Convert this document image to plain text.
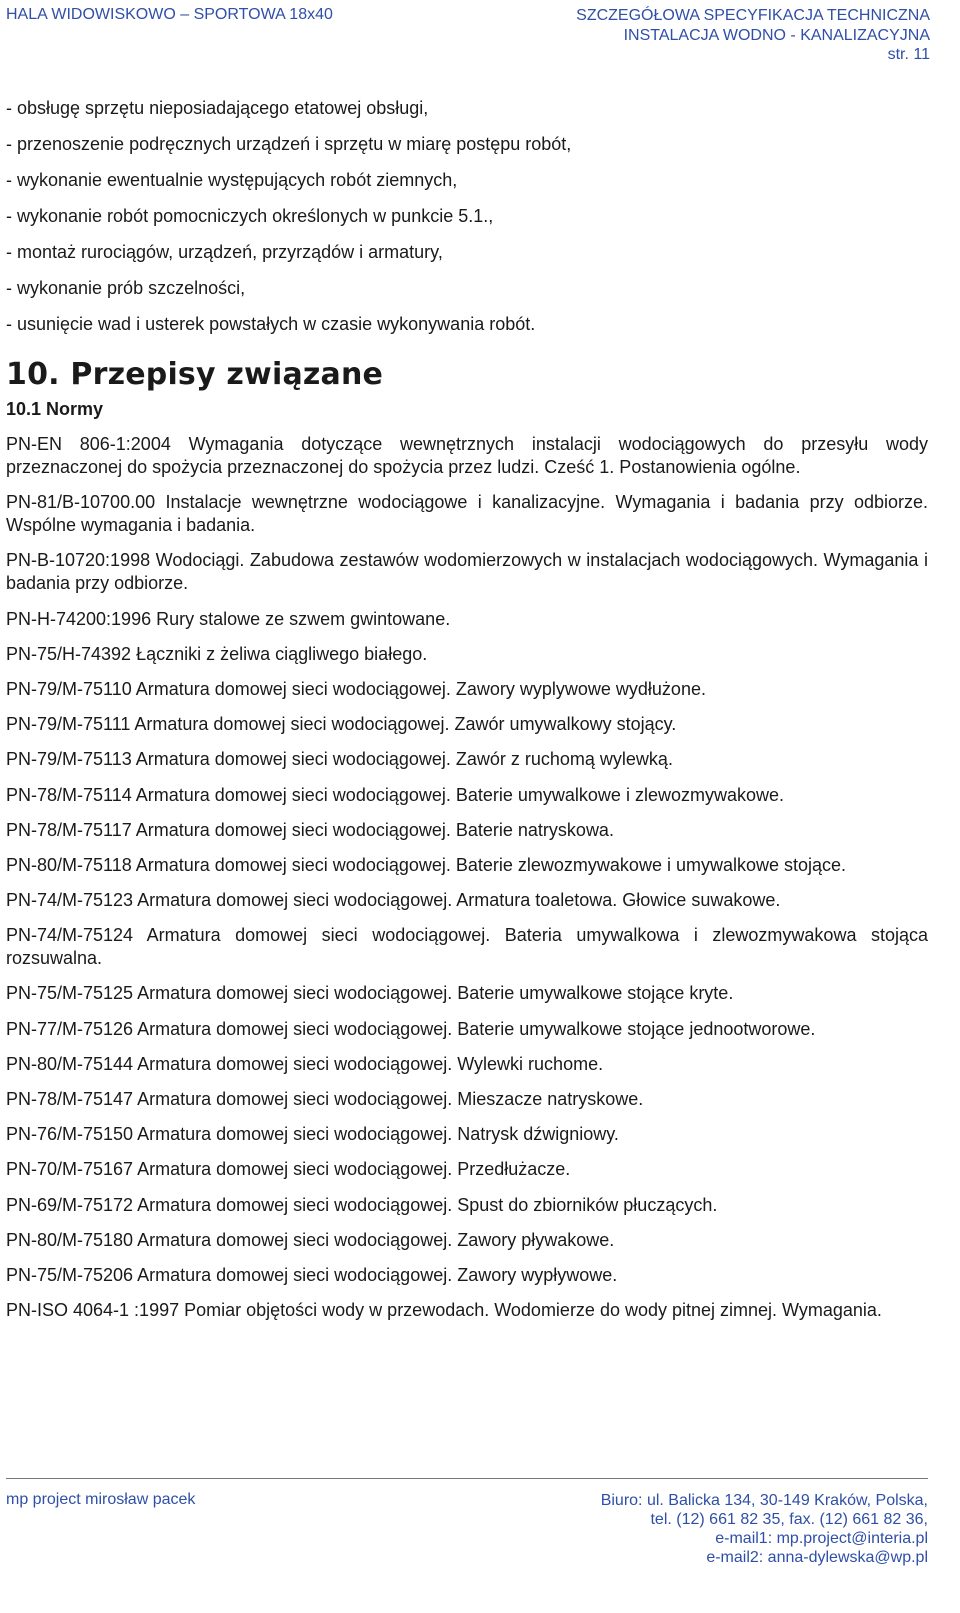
HALA WIDOWISKOWO – SPORTOWA 18x40	SZCZEGÓŁOWA SPECYFIKACJA TECHNICZNA
INSTALACJA WODNO - KANALIZACYJNA
str. 11

- obsługę sprzętu nieposiadającego etatowej obsługi,

- przenoszenie podręcznych urządzeń i sprzętu w miarę postępu robót,

- wykonanie ewentualnie występujących robót ziemnych,

- wykonanie robót pomocniczych określonych w punkcie 5.1.,

- montaż rurociągów, urządzeń, przyrządów i armatury,

- wykonanie prób szczelności,

- usunięcie wad i usterek powstałych w czasie wykonywania robót.

10. Przepisy związane
10.1 Normy

PN-EN 806-1:2004 Wymagania dotyczące wewnętrznych instalacji wodociągowych do przesyłu wody przeznaczonej do spożycia przeznaczonej do spożycia przez ludzi. Cześć 1. Postanowienia ogólne.

PN-81/B-10700.00 Instalacje wewnętrzne wodociągowe i kanalizacyjne. Wymagania i badania przy odbiorze. Wspólne wymagania i badania.

PN-B-10720:1998 Wodociągi. Zabudowa zestawów wodomierzowych w instalacjach wodociągowych. Wymagania i badania przy odbiorze.

PN-H-74200:1996 Rury stalowe ze szwem gwintowane.

PN-75/H-74392 Łączniki z żeliwa ciągliwego białego.

PN-79/M-75110 Armatura domowej sieci wodociągowej. Zawory wyplywowe wydłużone.

PN-79/M-75111 Armatura domowej sieci wodociągowej. Zawór umywalkowy stojący.

PN-79/M-75113 Armatura domowej sieci wodociągowej. Zawór z ruchomą wylewką.

PN-78/M-75114 Armatura domowej sieci wodociągowej. Baterie umywalkowe i zlewozmywakowe.

PN-78/M-75117 Armatura domowej sieci wodociągowej. Baterie natryskowa.

PN-80/M-75118 Armatura domowej sieci wodociągowej. Baterie zlewozmywakowe i umywalkowe stojące.

PN-74/M-75123 Armatura domowej sieci wodociągowej. Armatura toaletowa. Głowice suwakowe.

PN-74/M-75124 Armatura domowej sieci wodociągowej. Bateria umywalkowa i zlewozmywakowa stojąca rozsuwalna.

PN-75/M-75125 Armatura domowej sieci wodociągowej. Baterie umywalkowe stojące kryte.

PN-77/M-75126 Armatura domowej sieci wodociągowej. Baterie umywalkowe stojące jednootworowe.

PN-80/M-75144 Armatura domowej sieci wodociągowej. Wylewki ruchome.

PN-78/M-75147 Armatura domowej sieci wodociągowej. Mieszacze natryskowe.

PN-76/M-75150 Armatura domowej sieci wodociągowej. Natrysk dźwigniowy.

PN-70/M-75167 Armatura domowej sieci wodociągowej. Przedłużacze.

PN-69/M-75172 Armatura domowej sieci wodociągowej. Spust do zbiorników płuczących.

PN-80/M-75180 Armatura domowej sieci wodociągowej. Zawory pływakowe.

PN-75/M-75206 Armatura domowej sieci wodociągowej. Zawory wypływowe.

PN-ISO 4064-1 :1997 Pomiar objętości wody w przewodach. Wodomierze do wody pitnej zimnej. Wymagania.

mp project mirosław pacek	Biuro: ul. Balicka 134, 30-149 Kraków, Polska,
tel. (12) 661 82 35, fax. (12) 661 82 36,
e-mail1: mp.project@interia.pl
e-mail2: anna-dylewska@wp.pl
